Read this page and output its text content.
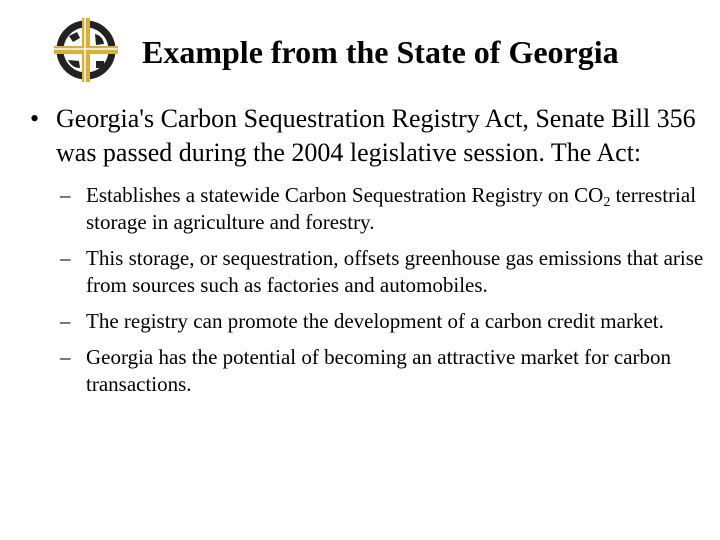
Example from the State of Georgia
• Georgia's Carbon Sequestration Registry Act, Senate Bill 356 was passed during the 2004 legislative session. The Act:
– Establishes a statewide Carbon Sequestration Registry on $CO_2$ terrestrial storage in agriculture and forestry.
– This storage, or sequestration, offsets greenhouse gas emissions that arise from sources such as factories and automobiles.
– The registry can promote the development of a carbon credit market.
– Georgia has the potential of becoming an attractive market for carbon transactions.
